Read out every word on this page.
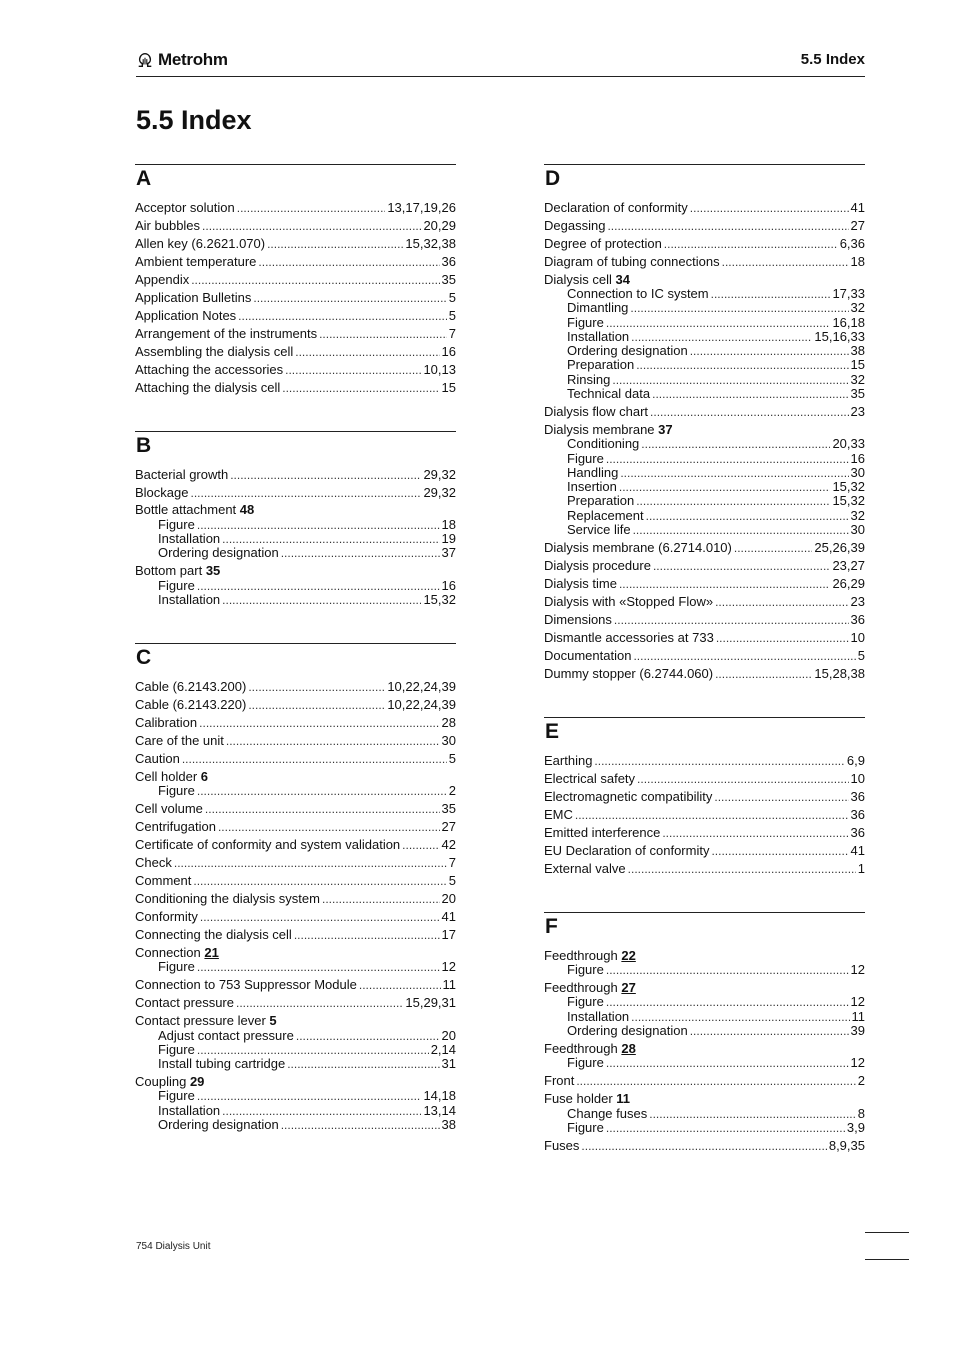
Metrohm	5.5 Index
5.5 Index
A
Acceptor solution .....	13,17,19,26
Air bubbles .....	20,29
Allen key (6.2621.070) .....	15,32,38
Ambient temperature .....	36
Appendix .....	35
Application Bulletins .....	5
Application Notes .....	5
Arrangement of the instruments .....	7
Assembling the dialysis cell .....	16
Attaching the accessories .....	10,13
Attaching the dialysis cell .....	15
B
Bacterial growth .....	29,32
Blockage .....	29,32
Bottle attachment 48
Figure .....	18
Installation .....	19
Ordering designation .....	37
Bottom part 35
Figure .....	16
Installation .....	15,32
C
Cable (6.2143.200) .....	10,22,24,39
Cable (6.2143.220) .....	10,22,24,39
Calibration .....	28
Care of the unit .....	30
Caution .....	5
Cell holder 6
Figure .....	2
Cell volume .....	35
Centrifugation .....	27
Certificate of conformity and system validation .....	42
Check .....	7
Comment .....	5
Conditioning the dialysis system .....	20
Conformity .....	41
Connecting the dialysis cell .....	17
Connection 21
Figure .....	12
Connection to 753 Suppressor Module .....	11
Contact pressure .....	15,29,31
Contact pressure lever 5
Adjust contact pressure .....	20
Figure .....	2,14
Install tubing cartridge .....	31
Coupling 29
Figure .....	14,18
Installation .....	13,14
Ordering designation .....	38
D
Declaration of conformity .....	41
Degassing .....	27
Degree of protection .....	6,36
Diagram of tubing connections .....	18
Dialysis cell 34
Connection to IC system .....	17,33
Dimantling .....	32
Figure .....	16,18
Installation .....	15,16,33
Ordering designation .....	38
Preparation .....	15
Rinsing .....	32
Technical data .....	35
Dialysis flow chart .....	23
Dialysis membrane 37
Conditioning .....	20,33
Figure .....	16
Handling .....	30
Insertion .....	15,32
Preparation .....	15,32
Replacement .....	32
Service life .....	30
Dialysis membrane (6.2714.010) .....	25,26,39
Dialysis procedure .....	23,27
Dialysis time .....	26,29
Dialysis with «Stopped Flow» .....	23
Dimensions .....	36
Dismantle accessories at 733 .....	10
Documentation .....	5
Dummy stopper (6.2744.060) .....	15,28,38
E
Earthing .....	6,9
Electrical safety .....	10
Electromagnetic compatibility .....	36
EMC .....	36
Emitted interference .....	36
EU Declaration of conformity .....	41
External valve .....	1
F
Feedthrough 22
Figure .....	12
Feedthrough 27
Figure .....	12
Installation .....	11
Ordering designation .....	39
Feedthrough 28
Figure .....	12
Front .....	2
Fuse holder 11
Change fuses .....	8
Figure .....	3,9
Fuses .....	8,9,35
754 Dialysis Unit
